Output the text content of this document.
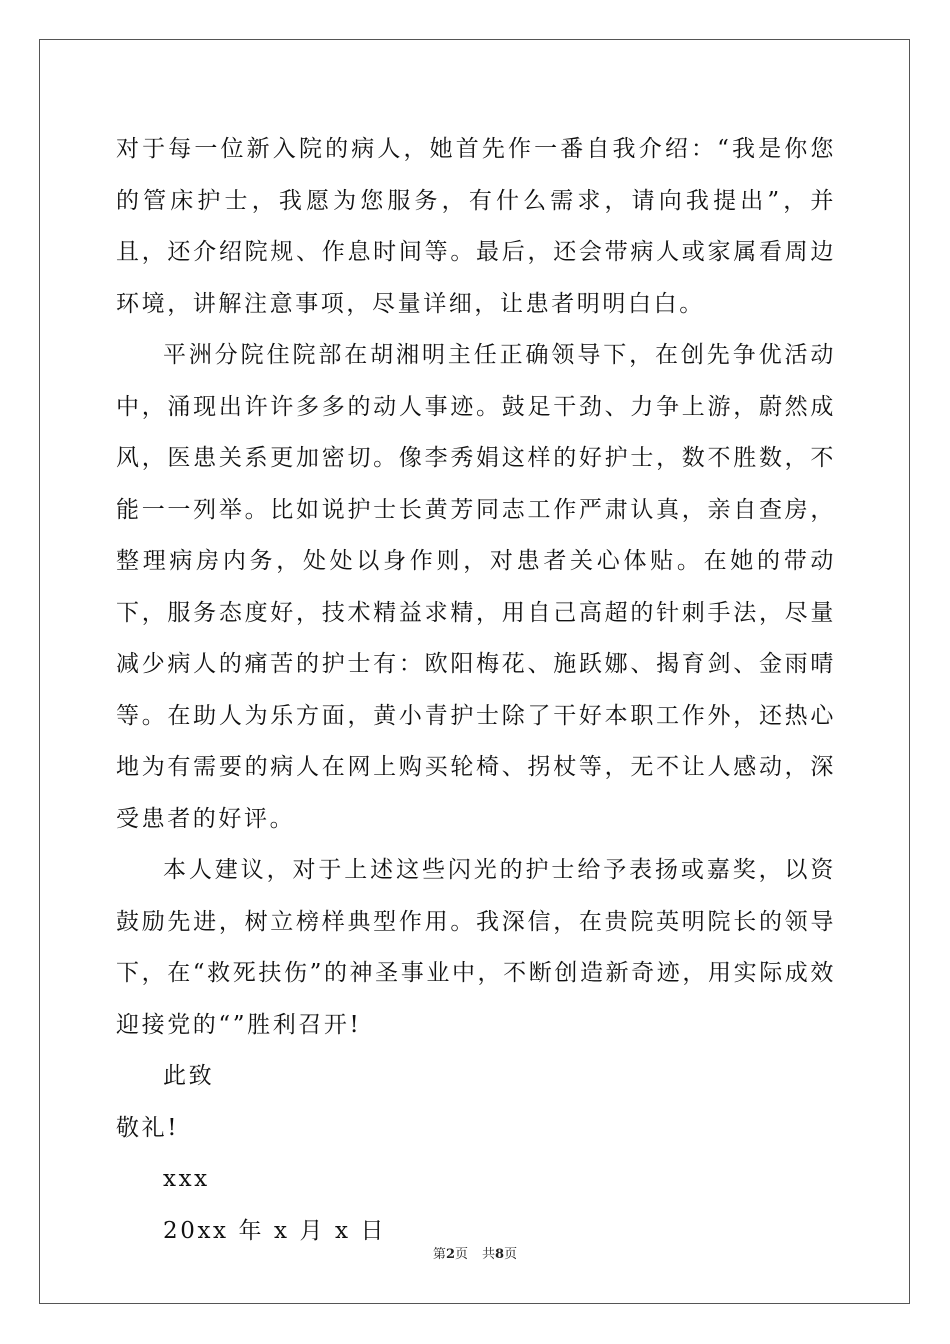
对于每一位新入院的病人，她首先作一番自我介绍：“我是你您的管床护士，我愿为您服务，有什么需求，请向我提出”，并且，还介绍院规、作息时间等。最后，还会带病人或家属看周边环境，讲解注意事项，尽量详细，让患者明明白白。

平洲分院住院部在胡湘明主任正确领导下，在创先争优活动中，涌现出许许多多的动人事迹。鼓足干劲、力争上游，蔚然成风，医患关系更加密切。像李秀娟这样的好护士，数不胜数，不能一一列举。比如说护士长黄芳同志工作严肃认真，亲自查房，整理病房内务，处处以身作则，对患者关心体贴。在她的带动下，服务态度好，技术精益求精，用自己高超的针刺手法，尽量减少病人的痛苦的护士有：欧阳梅花、施跃娜、揭育剑、金雨晴等。在助人为乐方面，黄小青护士除了干好本职工作外，还热心地为有需要的病人在网上购买轮椅、拐杖等，无不让人感动，深受患者的好评。

本人建议，对于上述这些闪光的护士给予表扬或嘉奖，以资鼓励先进，树立榜样典型作用。我深信，在贵院英明院长的领导下，在“救死扶伤”的神圣事业中，不断创造新奇迹，用实际成效迎接党的“”胜利召开!

此致

敬礼!

xxx

20xx 年 x 月 x 日

第2页 共8页
